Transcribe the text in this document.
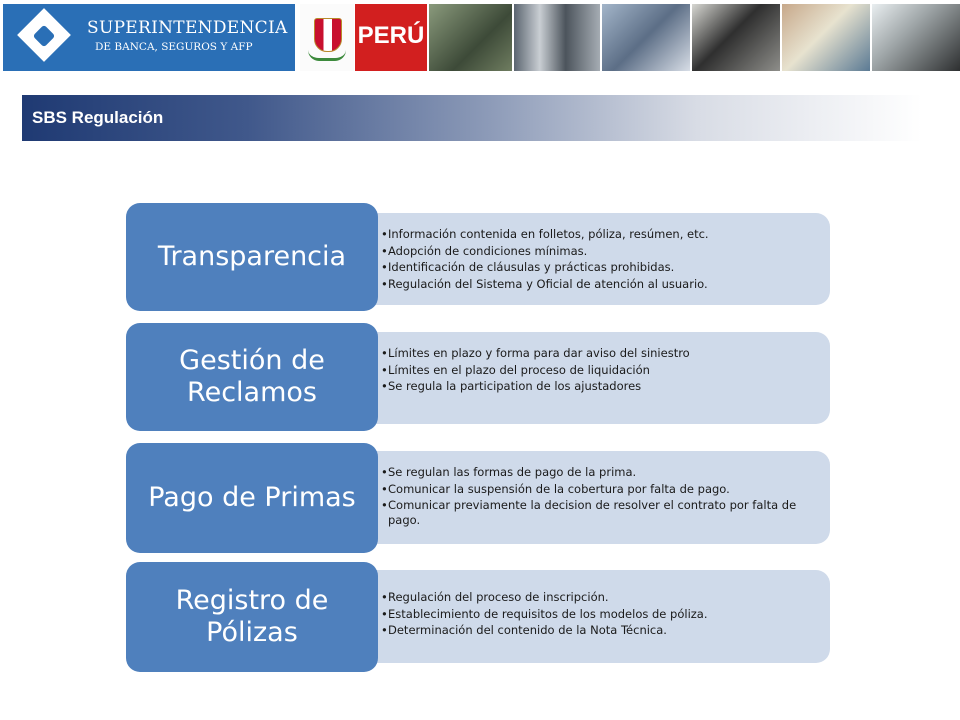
SUPERINTENDENCIA
DE BANCA, SEGUROS Y AFP	PERÚ
SBS Regulación
• Información contenida en folletos, póliza, resúmen, etc.
• Adopción de condiciones mínimas.
• Identificación de cláusulas y prácticas prohibidas.
• Regulación del Sistema y Oficial de atención al usuario.
Transparencia
• Límites en plazo y forma para dar aviso del siniestro
• Límites en el plazo del proceso de liquidación
• Se regula la participation de los ajustadores
Gestión de Reclamos
• Se regulan las formas de pago de la prima.
• Comunicar la suspensión de la cobertura por falta de pago.
• Comunicar previamente la decision de resolver el contrato por falta de pago.
Pago de Primas
• Regulación del proceso de inscripción.
• Establecimiento de requisitos de los modelos de póliza.
• Determinación del contenido de la Nota Técnica.
Registro de Pólizas
